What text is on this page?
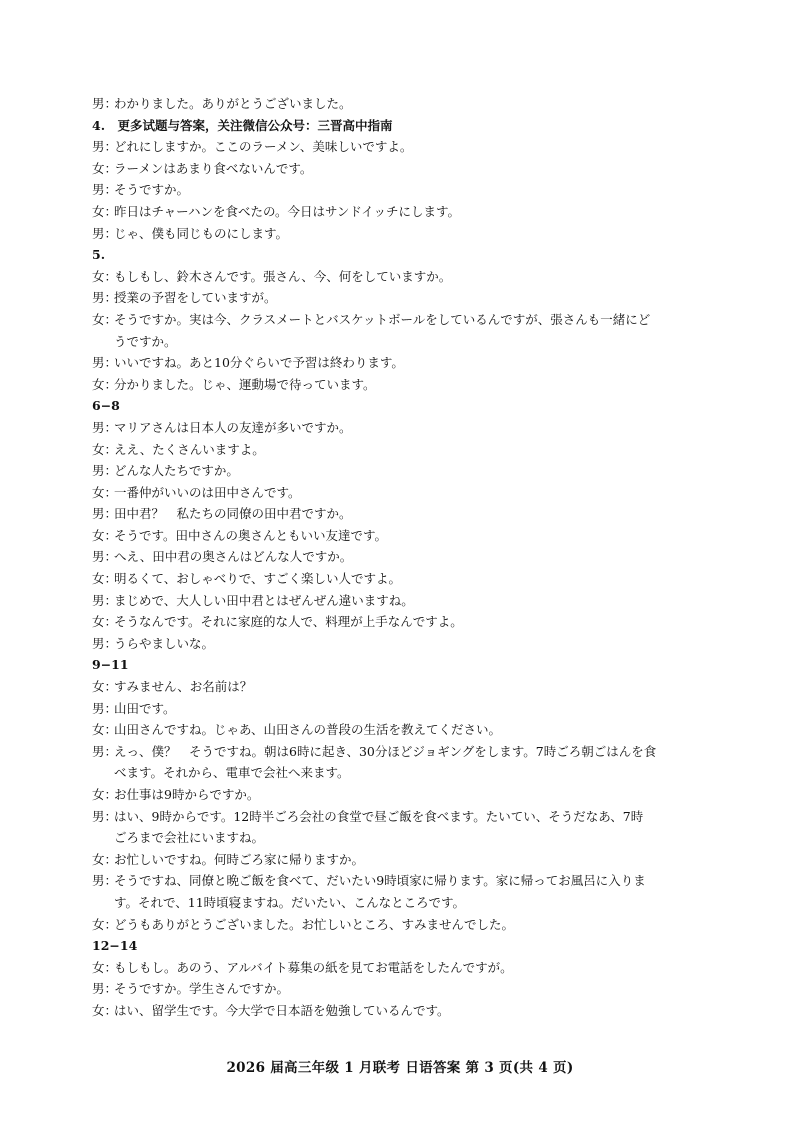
男：
わかりました。ありがとうございました。
4.　更多试题与答案，关注微信公众号：三晋高中指南
男：
どれにしますか。ここのラーメン、美味しいですよ。
女：
ラーメンはあまり食べないんです。
男：
そうですか。
女：
昨日はチャーハンを食べたの。今日はサンドイッチにします。
男：
じゃ、僕も同じものにします。
5.
女：
もしもし、鈴木さんです。張さん、今、何をしていますか。
男：
授業の予習をしていますが。
女：
そうですか。実は今、クラスメートとバスケットボールをしているんですが、張さんも一緒にど
うですか。
男：
いいですね。あと10分ぐらいで予習は終わります。
女：
分かりました。じゃ、運動場で待っています。
6−8
男：
マリアさんは日本人の友達が多いですか。
女：
ええ、たくさんいますよ。
男：
どんな人たちですか。
女：
一番仲がいいのは田中さんです。
男：
田中君？　私たちの同僚の田中君ですか。
女：
そうです。田中さんの奥さんともいい友達です。
男：
へえ、田中君の奥さんはどんな人ですか。
女：
明るくて、おしゃべりで、すごく楽しい人ですよ。
男：
まじめで、大人しい田中君とはぜんぜん違いますね。
女：
そうなんです。それに家庭的な人で、料理が上手なんですよ。
男：
うらやましいな。
9−11
女：
すみません、お名前は？
男：
山田です。
女：
山田さんですね。じゃあ、山田さんの普段の生活を教えてください。
男：
えっ、僕？　そうですね。朝は6時に起き、30分ほどジョギングをします。7時ごろ朝ごはんを食
べます。それから、電車で会社へ来ます。
女：
お仕事は9時からですか。
男：
はい、9時からです。12時半ごろ会社の食堂で昼ご飯を食べます。たいてい、そうだなあ、7時
ごろまで会社にいますね。
女：
お忙しいですね。何時ごろ家に帰りますか。
男：
そうですね、同僚と晩ご飯を食べて、だいたい9時頃家に帰ります。家に帰ってお風呂に入りま
す。それで、11時頃寝ますね。だいたい、こんなところです。
女：
どうもありがとうございました。お忙しいところ、すみませんでした。
12−14
女：
もしもし。あのう、アルバイト募集の紙を見てお電話をしたんですが。
男：
そうですか。学生さんですか。
女：
はい、留学生です。今大学で日本語を勉強しているんです。
2026 届高三年级 1 月联考 日语答案 第 3 页(共 4 页)
